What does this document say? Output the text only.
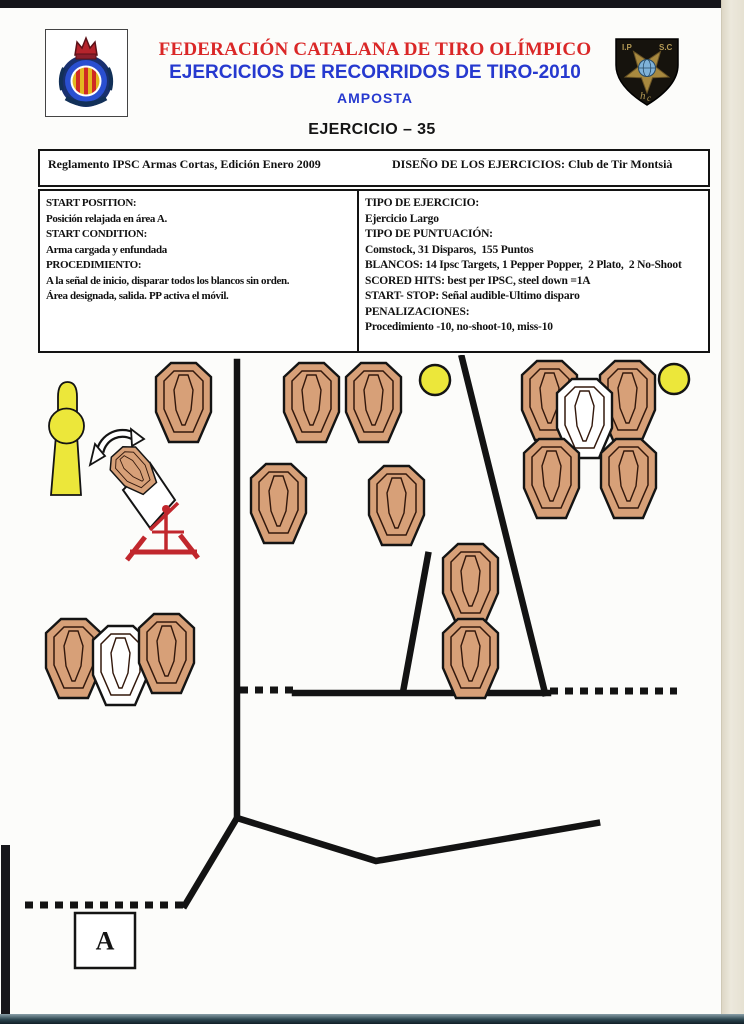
I.P	S.C
h c
FEDERACIÓN CATALANA DE TIRO OLÍMPICO
EJERCICIOS DE RECORRIDOS DE TIRO-2010
AMPOSTA
EJERCICIO – 35
Reglamento IPSC Armas Cortas, Edición Enero 2009	DISEÑO DE LOS EJERCICIOS: Club de Tir Montsià
START POSITION:
Posición relajada en área A.
START CONDITION:
Arma cargada y enfundada
PROCEDIMIENTO:
A la señal de inicio, disparar todos los blancos sin orden.
Área designada, salida. PP activa el móvil.
TIPO DE EJERCICIO:
Ejercicio Largo
TIPO DE PUNTUACIÓN:
Comstock, 31 Disparos,  155 Puntos
BLANCOS: 14 Ipsc Targets, 1 Pepper Popper,  2 Plato,  2 No-Shoot
SCORED HITS: best per IPSC, steel down =1A
START- STOP: Señal audible-Ultimo disparo
PENALIZACIONES:
Procedimiento -10, no-shoot-10, miss-10
A
